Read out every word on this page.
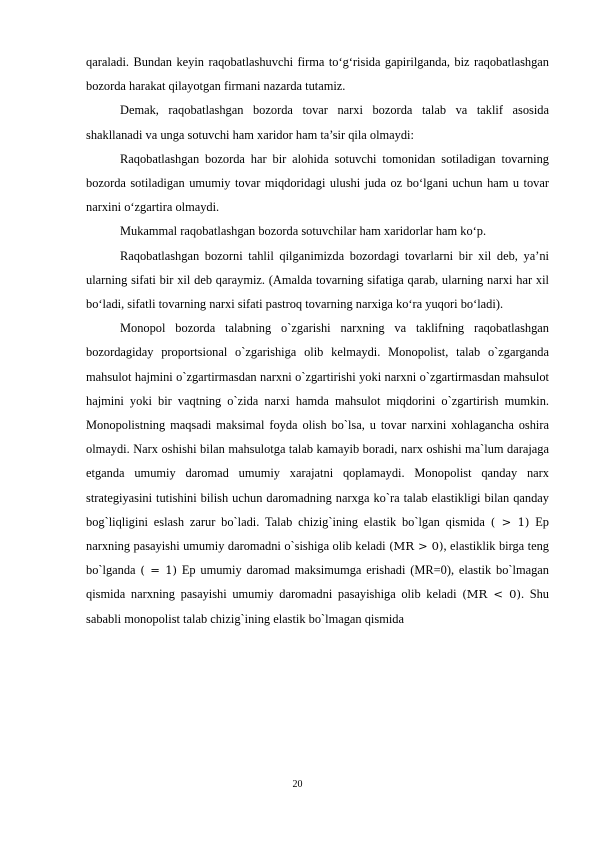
qaraladi. Bundan keyin raqobatlashuvchi firma to‘g‘risida gapirilganda, biz raqobatlashgan bozorda harakat qilayotgan firmani nazarda tutamiz.

Demak, raqobatlashgan bozorda tovar narxi bozorda talab va taklif asosida shakllanadi va unga sotuvchi ham xaridor ham ta’sir qila olmaydi:

Raqobatlashgan bozorda har bir alohida sotuvchi tomonidan sotiladigan tovarning bozorda sotiladigan umumiy tovar miqdoridagi ulushi juda oz bo‘lgani uchun ham u tovar narxini o‘zgartira olmaydi.

Mukammal raqobatlashgan bozorda sotuvchilar ham xaridorlar ham ko‘p.

Raqobatlashgan bozorni tahlil qilganimizda bozordagi tovarlarni bir xil deb, ya’ni ularning sifati bir xil deb qaraymiz. (Amalda tovarning sifatiga qarab, ularning narxi har xil bo‘ladi, sifatli tovarning narxi sifati pastroq tovarning narxiga ko‘ra yuqori bo‘ladi).

Monopol bozorda talabning o`zgarishi narxning va taklifning raqobatlashgan bozordagiday proportsional o`zgarishiga olib kelmaydi. Monopolist, talab o`zgarganda mahsulot hajmini o`zgartirmasdan narxni o`zgartirishi yoki narxni o`zgartirmasdan mahsulot hajmini yoki bir vaqtning o`zida narxi hamda mahsulot miqdorini o`zgartirish mumkin. Monopolistning maqsadi maksimal foyda olish bo`lsa, u tovar narxini xohlagancha oshira olmaydi. Narx oshishi bilan mahsulotga talab kamayib boradi, narx oshishi ma`lum darajaga etganda umumiy daromad umumiy xarajatni qoplamaydi. Monopolist qanday narx strategiyasini tutishini bilish uchun daromadning narxga ko`ra talab elastikligi bilan qanday bog`liqligini eslash zarur bo`ladi. Talab chizig`ining elastik bo`lgan qismida ( > 1) Ep narxning pasayishi umumiy daromadni o`sishiga olib keladi (MR > 0), elastiklik birga teng bo`lganda ( = 1) Ep umumiy daromad maksimumga erishadi (MR=0), elastik bo`lmagan qismida narxning pasayishi umumiy daromadni pasayishiga olib keladi (MR < 0). Shu sababli monopolist talab chizig`ining elastik bo`lmagan qismida

20
